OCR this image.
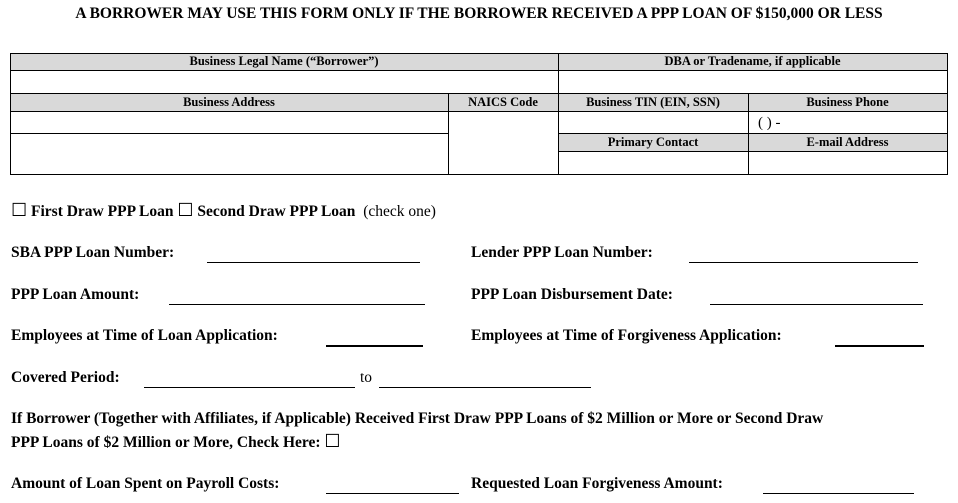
A BORROWER MAY USE THIS FORM ONLY IF THE BORROWER RECEIVED A PPP LOAN OF $150,000 OR LESS
Business Legal Name (“Borrower”)	DBA or Tradename, if applicable
Business Address	NAICS Code	Business TIN (EIN, SSN)	Business Phone
( ) -
Primary Contact	E-mail Address
☐ First Draw PPP Loan ☐ Second Draw PPP Loan (check one)
SBA PPP Loan Number:	Lender PPP Loan Number:
PPP Loan Amount:	PPP Loan Disbursement Date:
Employees at Time of Loan Application:	Employees at Time of Forgiveness Application:
Covered Period:	to
If Borrower (Together with Affiliates, if Applicable) Received First Draw PPP Loans of $2 Million or More or Second Draw
PPP Loans of $2 Million or More, Check Here: ☐
Amount of Loan Spent on Payroll Costs:	Requested Loan Forgiveness Amount:
